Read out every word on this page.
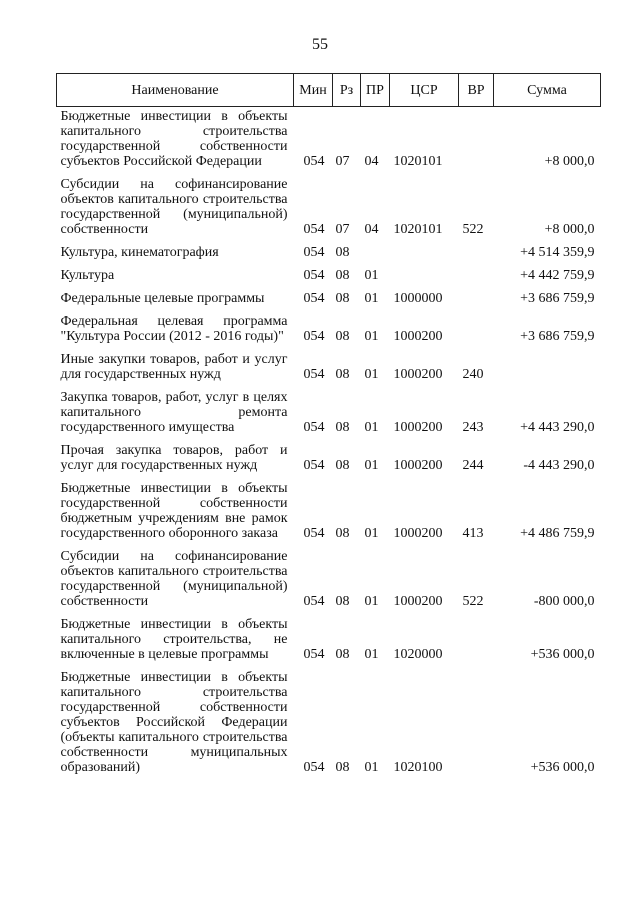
55
Наименование	Мин	Рз	ПР	ЦСР	ВР	Сумма
Бюджетные инвестиции в объекты капитального строительства государственной собственности субъектов Российской Федерации	054	07	04	1020101		+8 000,0
Субсидии на софинансирование объектов капитального строительства государственной (муниципальной) собственности	054	07	04	1020101	522	+8 000,0
Культура, кинематография	054	08				+4 514 359,9
Культура	054	08	01			+4 442 759,9
Федеральные целевые программы	054	08	01	1000000		+3 686 759,9
Федеральная целевая программа "Культура России (2012 - 2016 годы)"	054	08	01	1000200		+3 686 759,9
Иные закупки товаров, работ и услуг для государственных нужд	054	08	01	1000200	240	
Закупка товаров, работ, услуг в целях капитального ремонта государственного имущества	054	08	01	1000200	243	+4 443 290,0
Прочая закупка товаров, работ и услуг для государственных нужд	054	08	01	1000200	244	-4 443 290,0
Бюджетные инвестиции в объекты государственной собственности бюджетным учреждениям вне рамок государственного оборонного заказа	054	08	01	1000200	413	+4 486 759,9
Субсидии на софинансирование объектов капитального строительства государственной (муниципальной) собственности	054	08	01	1000200	522	-800 000,0
Бюджетные инвестиции в объекты капитального строительства, не включенные в целевые программы	054	08	01	1020000		+536 000,0
Бюджетные инвестиции в объекты капитального строительства государственной собственности субъектов Российской Федерации (объекты капитального строительства собственности муниципальных образований)	054	08	01	1020100		+536 000,0
